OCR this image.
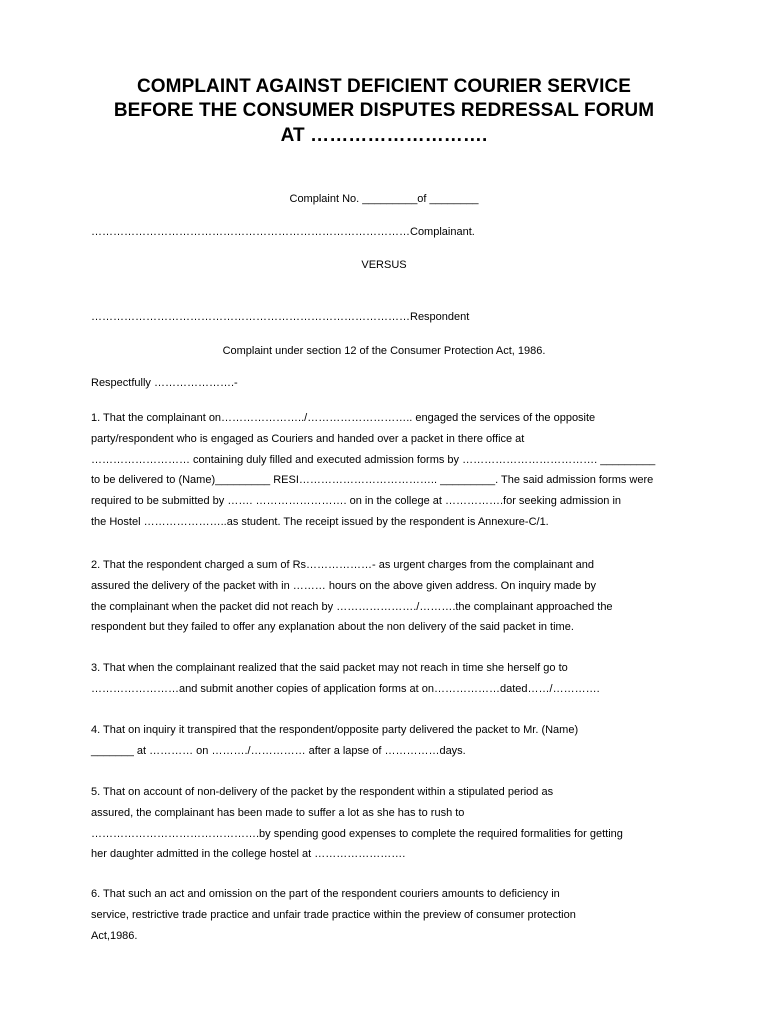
COMPLAINT AGAINST DEFICIENT COURIER SERVICE
BEFORE THE CONSUMER DISPUTES REDRESSAL FORUM
AT ……………………….
Complaint No. _________of ________
……………………………………………………………………………Complainant.
VERSUS
……………………………………………………………………………Respondent
Complaint under section 12 of the Consumer Protection Act, 1986.
Respectfully ………………….-
1. That the complainant on…………………../……………………….. engaged the services of the opposite
party/respondent who is engaged as Couriers and handed over a packet in there office at
……………………… containing duly filled and executed admission forms by ………………………………. _________
to be delivered to (Name)_________ RESI……………………………….. _________. The said admission forms were
required to be submitted by ……. ……………………. on in the college at …………….for seeking admission in
the Hostel …………………..as student. The receipt issued by the respondent is Annexure-C/1.
2. That the respondent charged a sum of Rs………………- as urgent charges from the complainant and
assured the delivery of the packet with in ……… hours on the above given address. On inquiry made by
the complainant when the packet did not reach by …………………./……….the complainant approached the
respondent but they failed to offer any explanation about the non delivery of the said packet in time.
3. That when the complainant realized that the said packet may not reach in time she herself go to
……………………and submit another copies of application forms at on………………dated……/………….
4. That on inquiry it transpired that the respondent/opposite party delivered the packet to Mr. (Name)
_______ at ………… on ………./…………… after a lapse of ……………days.
5. That on account of non-delivery of the packet by the respondent within a stipulated period as
assured, the complainant has been made to suffer a lot as she has to rush to
……………………………………….by spending good expenses to complete the required formalities for getting
her daughter admitted in the college hostel at …………………….
6. That such an act and omission on the part of the respondent couriers amounts to deficiency in
service, restrictive trade practice and unfair trade practice within the preview of consumer protection
Act,1986.
